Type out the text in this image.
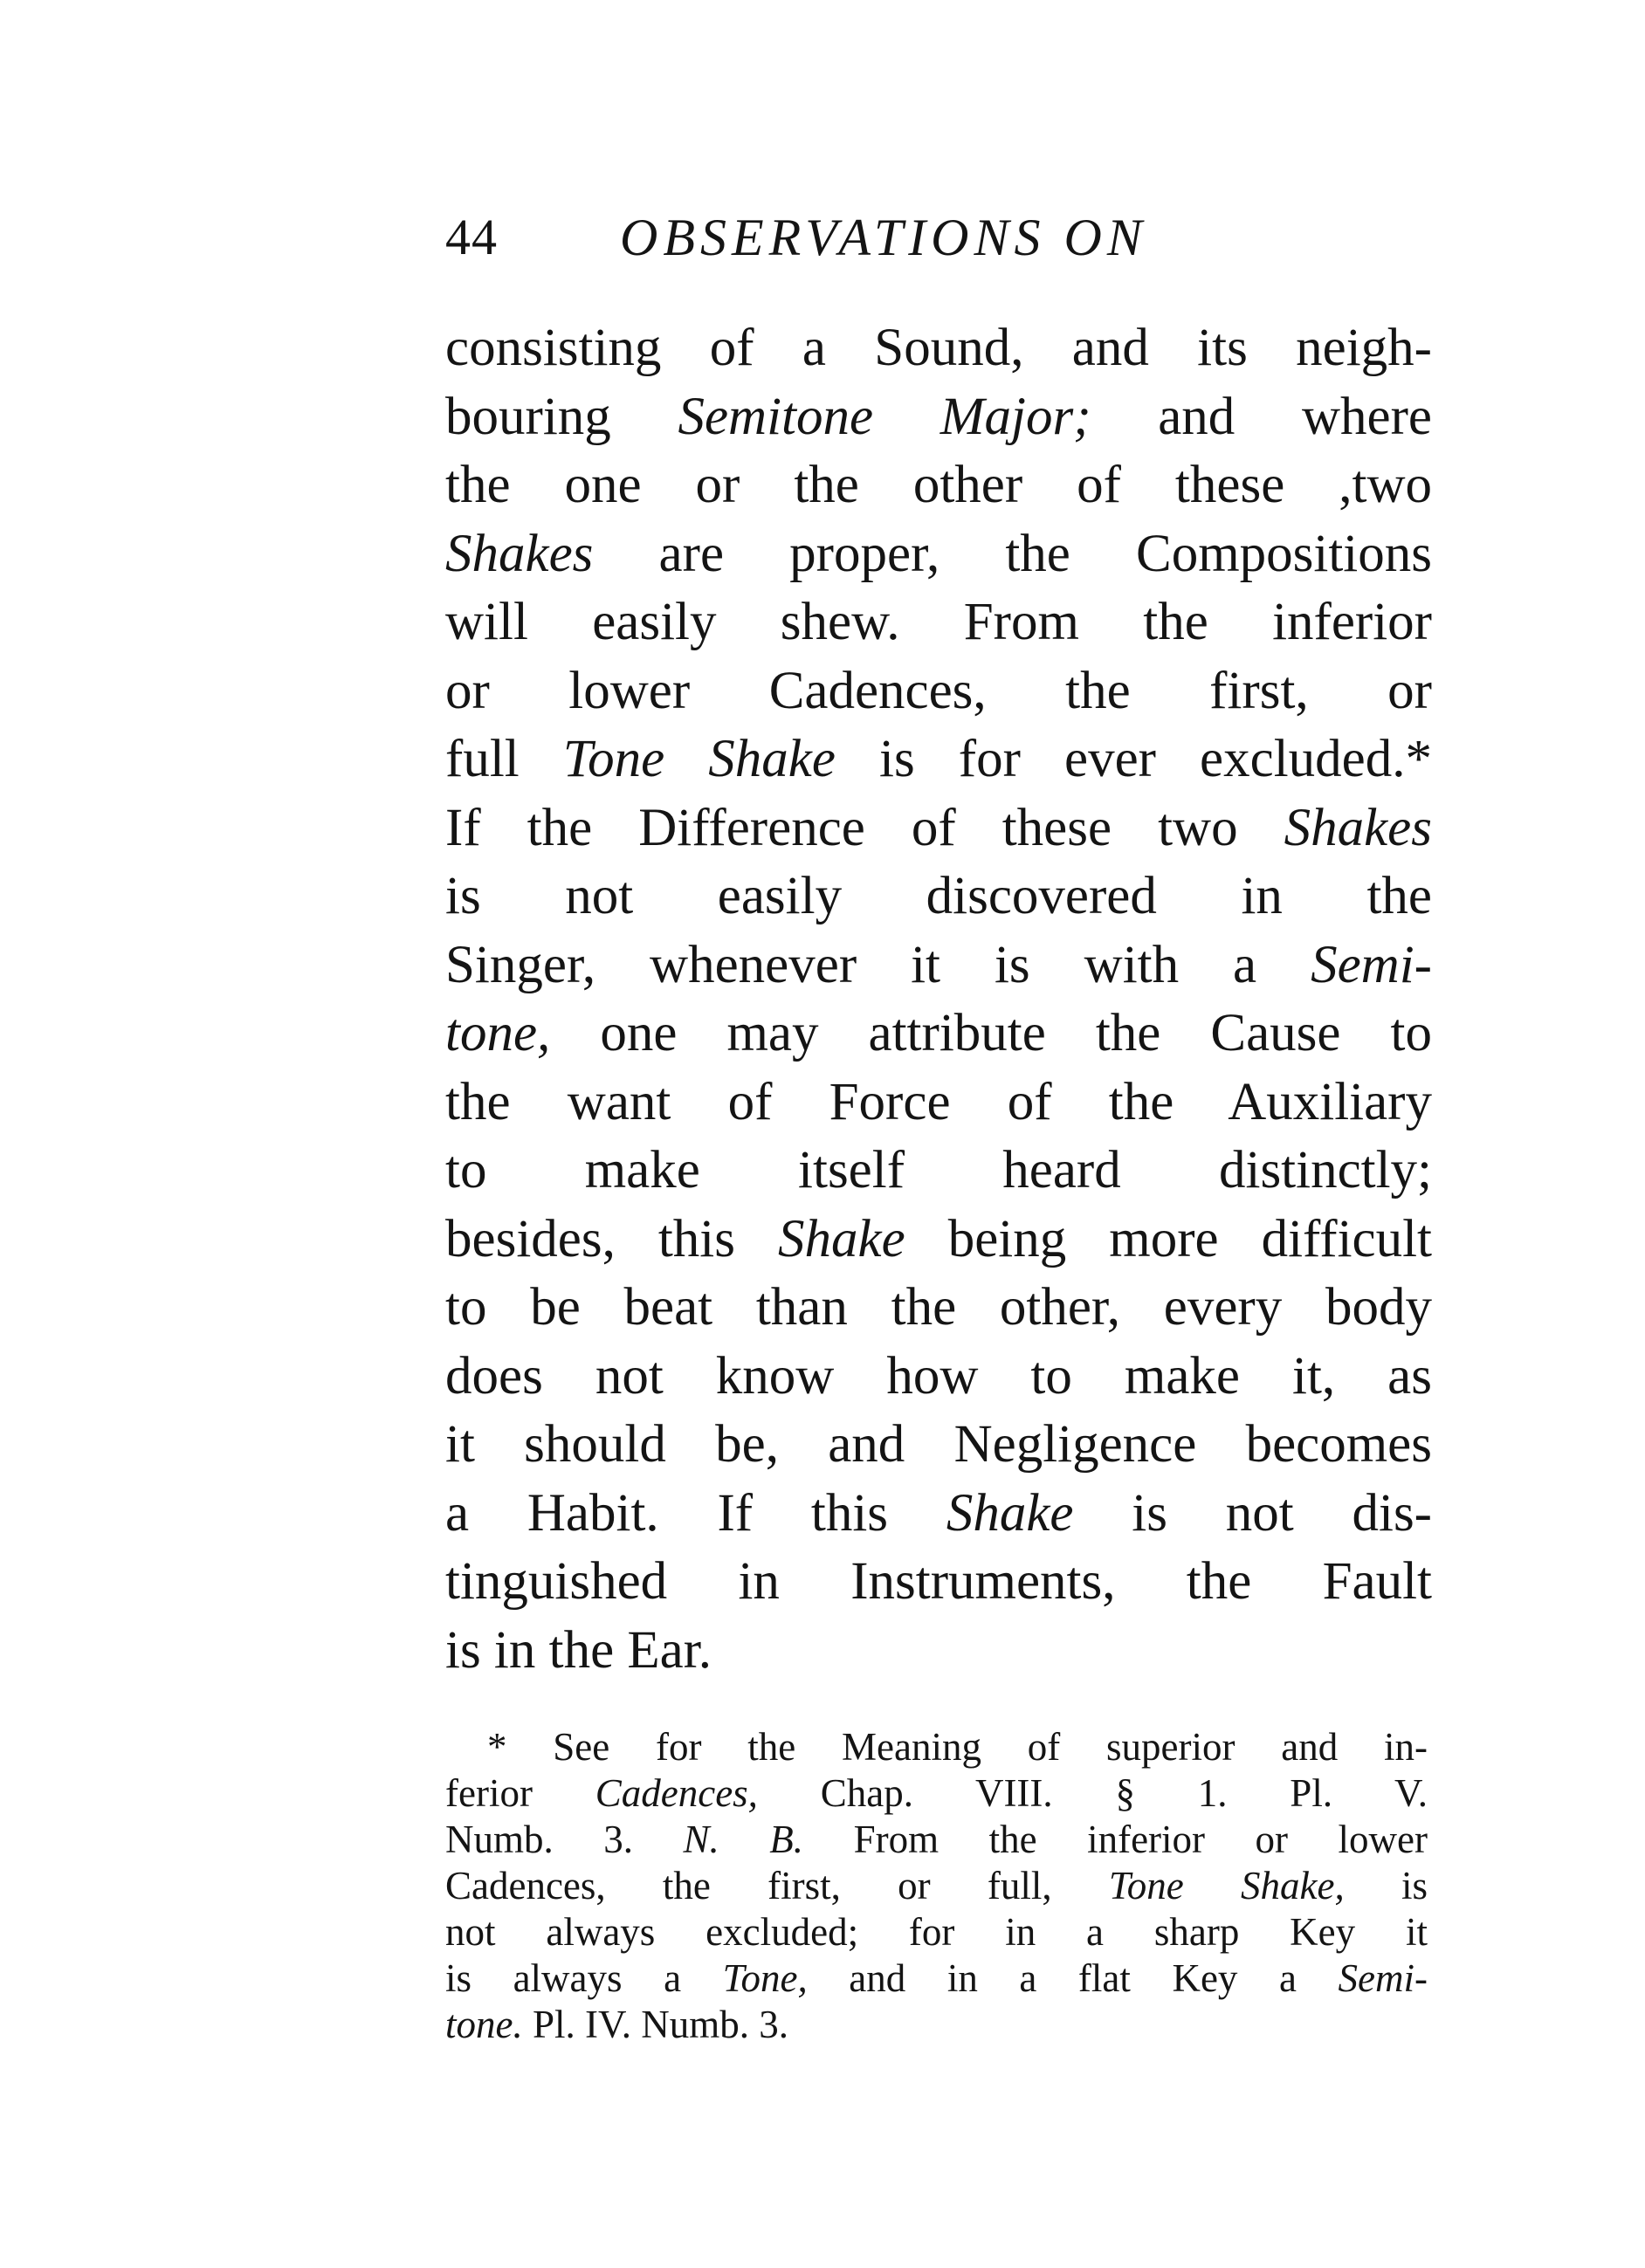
44 OBSERVATIONS ON
consisting of a Sound, and its neigh-
bouring Semitone Major; and where
the one or the other of these ,two
Shakes are proper, the Compositions
will easily shew. From the inferior
or lower Cadences, the first, or
full Tone Shake is for ever excluded.*
If the Difference of these two Shakes
is not easily discovered in the
Singer, whenever it is with a Semi-
tone, one may attribute the Cause to
the want of Force of the Auxiliary
to make itself heard distinctly;
besides, this Shake being more difficult
to be beat than the other, every body
does not know how to make it, as
it should be, and Negligence becomes
a Habit. If this Shake is not dis-
tinguished in Instruments, the Fault
is in the Ear.
* See for the Meaning of superior and in-
ferior Cadences, Chap. VIII. § 1. Pl. V.
Numb. 3. N. B. From the inferior or lower
Cadences, the first, or full, Tone Shake, is
not always excluded; for in a sharp Key it
is always a Tone, and in a flat Key a Semi-
tone. Pl. IV. Numb. 3.
